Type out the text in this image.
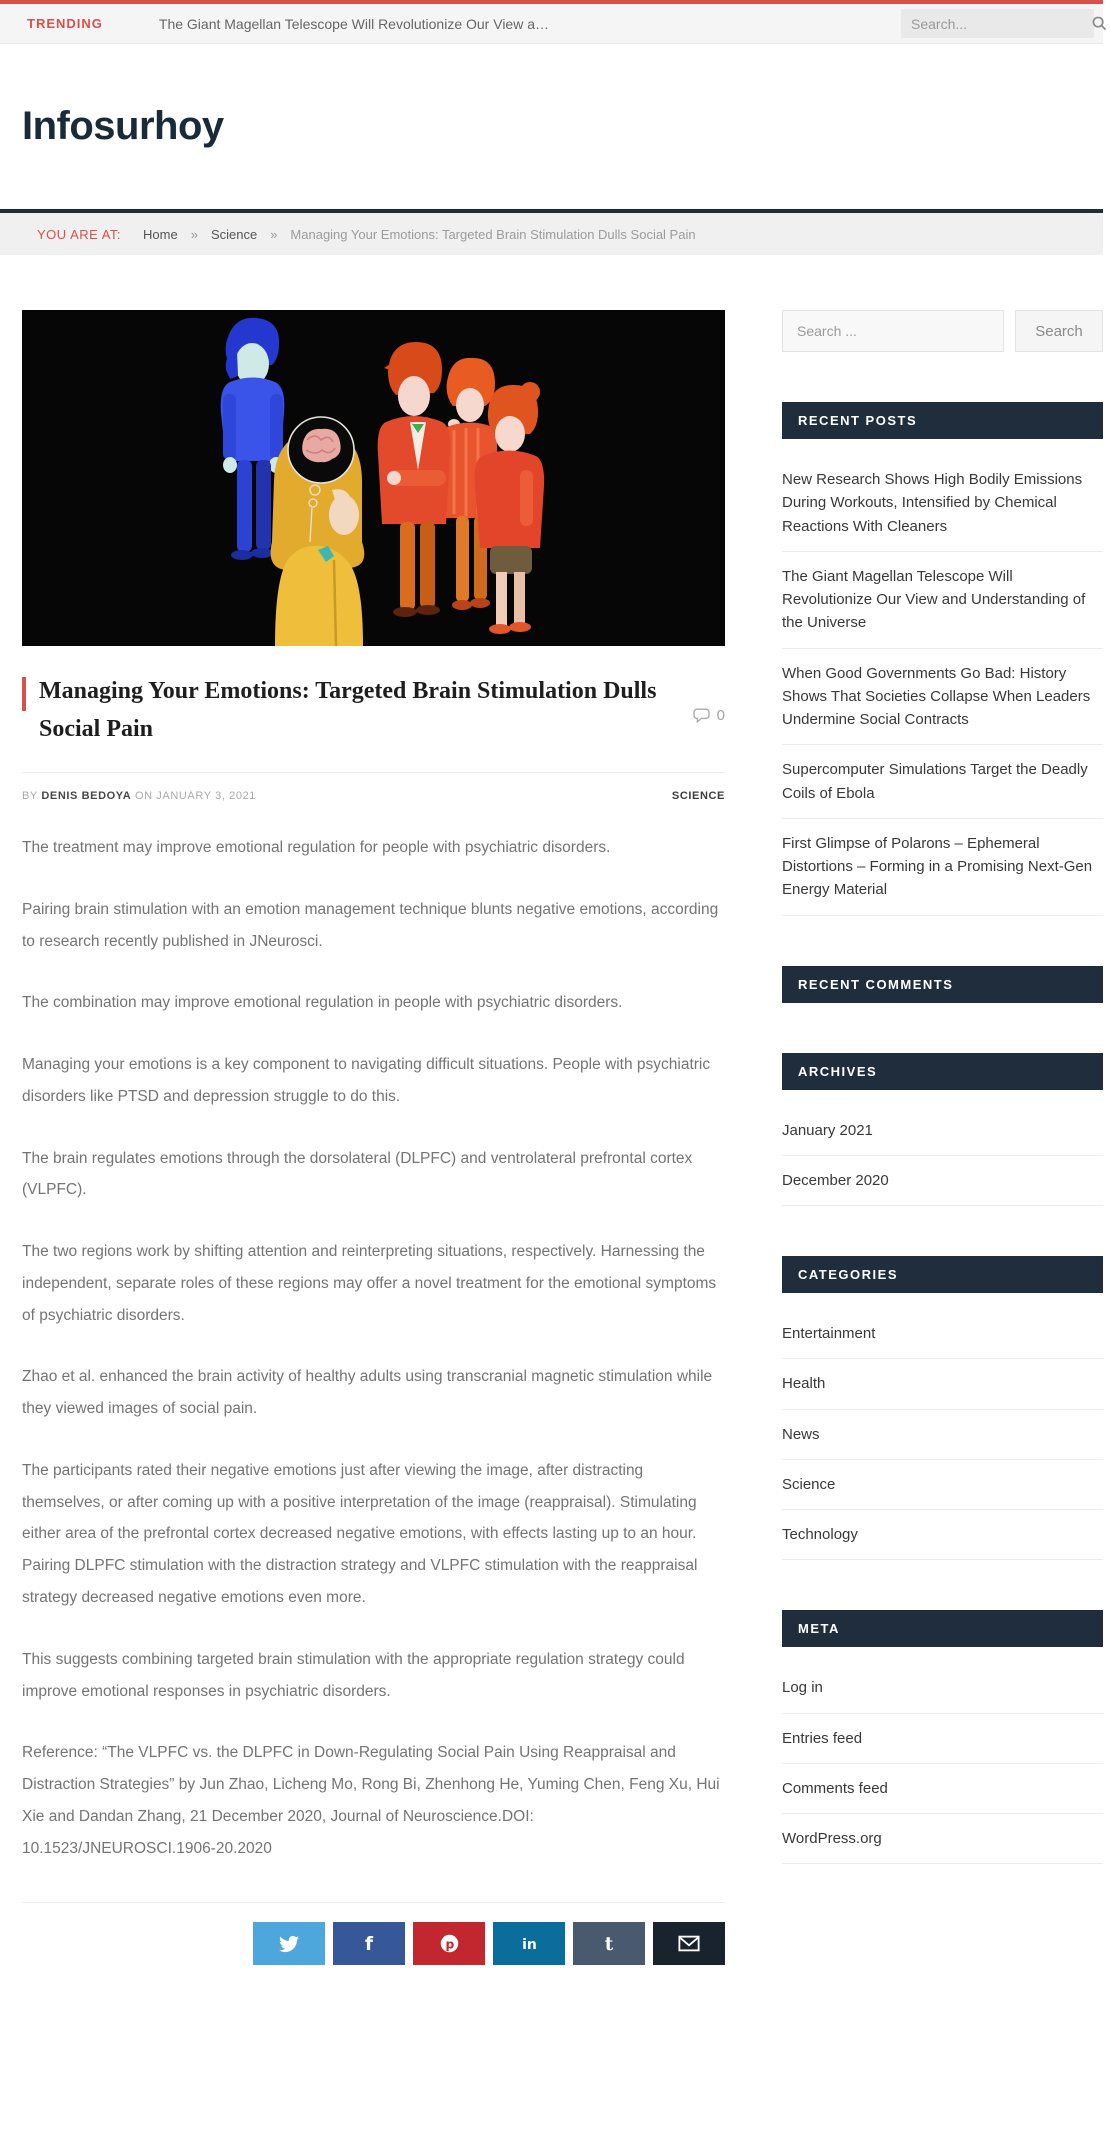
TRENDING	The Giant Magellan Telescope Will Revolutionize Our View a…
Search...
Infosurhoy
YOU ARE AT: Home » Science » Managing Your Emotions: Targeted Brain Stimulation Dulls Social Pain
Managing Your Emotions: Targeted Brain Stimulation Dulls Social Pain
0
BY DENIS BEDOYA ON JANUARY 3, 2021	SCIENCE

The treatment may improve emotional regulation for people with psychiatric disorders.

Pairing brain stimulation with an emotion management technique blunts negative emotions, according to research recently published in JNeurosci.

The combination may improve emotional regulation in people with psychiatric disorders.

Managing your emotions is a key component to navigating difficult situations. People with psychiatric disorders like PTSD and depression struggle to do this.

The brain regulates emotions through the dorsolateral (DLPFC) and ventrolateral prefrontal cortex (VLPFC).

The two regions work by shifting attention and reinterpreting situations, respectively. Harnessing the independent, separate roles of these regions may offer a novel treatment for the emotional symptoms of psychiatric disorders.

Zhao et al. enhanced the brain activity of healthy adults using transcranial magnetic stimulation while they viewed images of social pain.

The participants rated their negative emotions just after viewing the image, after distracting themselves, or after coming up with a positive interpretation of the image (reappraisal). Stimulating either area of the prefrontal cortex decreased negative emotions, with effects lasting up to an hour. Pairing DLPFC stimulation with the distraction strategy and VLPFC stimulation with the reappraisal strategy decreased negative emotions even more.

This suggests combining targeted brain stimulation with the appropriate regulation strategy could improve emotional responses in psychiatric disorders.

Reference: “The VLPFC vs. the DLPFC in Down-Regulating Social Pain Using Reappraisal and Distraction Strategies” by Jun Zhao, Licheng Mo, Rong Bi, Zhenhong He, Yuming Chen, Feng Xu, Hui Xie and Dandan Zhang, 21 December 2020, Journal of Neuroscience.DOI: 10.1523/JNEUROSCI.1906-20.2020

f	p	in	t
Search ...
Search
RECENT POSTS
New Research Shows High Bodily Emissions During Workouts, Intensified by Chemical Reactions With Cleaners
The Giant Magellan Telescope Will Revolutionize Our View and Understanding of the Universe
When Good Governments Go Bad: History Shows That Societies Collapse When Leaders Undermine Social Contracts
Supercomputer Simulations Target the Deadly Coils of Ebola
First Glimpse of Polarons – Ephemeral Distortions – Forming in a Promising Next-Gen Energy Material
RECENT COMMENTS
ARCHIVES
January 2021
December 2020
CATEGORIES
Entertainment
Health
News
Science
Technology
META
Log in
Entries feed
Comments feed
WordPress.org
